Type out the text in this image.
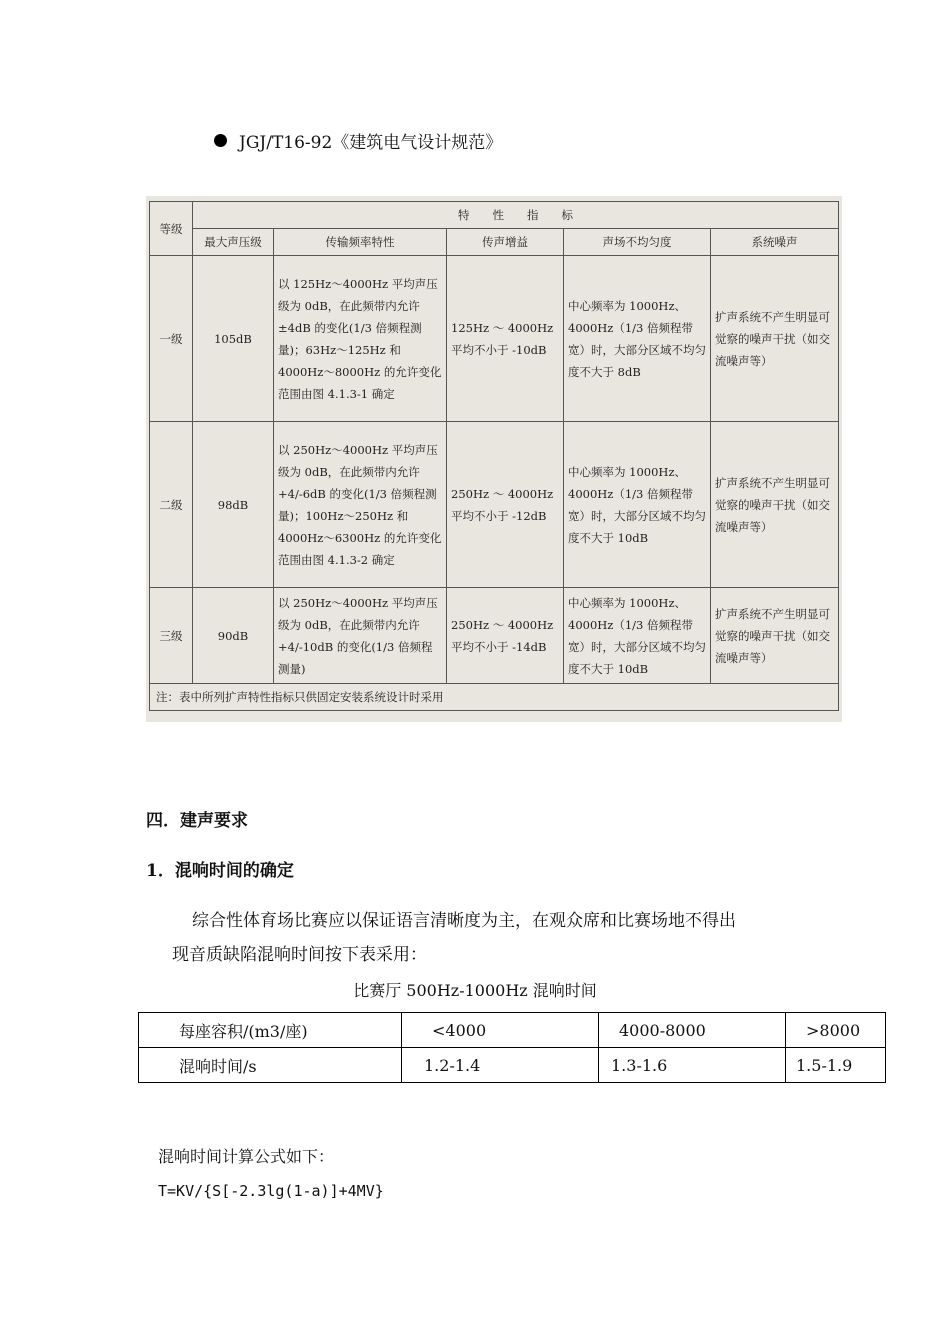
JGJ/T16-92《建筑电气设计规范》
等级	特　　性　　指　　标				
	最大声压级	传输频率特性	传声增益	声场不均匀度	系统噪声
一级	105dB	以 125Hz～4000Hz 平均声压级为 0dB，在此频带内允许 ±4dB 的变化(1/3 倍频程测量)；63Hz～125Hz 和 4000Hz～8000Hz 的允许变化范围由图 4.1.3-1 确定	125Hz ～ 4000Hz 平均不小于 -10dB	中心频率为 1000Hz、4000Hz（1/3 倍频程带宽）时，大部分区域不均匀度不大于 8dB	扩声系统不产生明显可觉察的噪声干扰（如交流噪声等）
二级	98dB	以 250Hz～4000Hz 平均声压级为 0dB，在此频带内允许 +4/-6dB 的变化(1/3 倍频程测量)；100Hz～250Hz 和 4000Hz～6300Hz 的允许变化范围由图 4.1.3-2 确定	250Hz ～ 4000Hz 平均不小于 -12dB	中心频率为 1000Hz、4000Hz（1/3 倍频程带宽）时，大部分区域不均匀度不大于 10dB	扩声系统不产生明显可觉察的噪声干扰（如交流噪声等）
三级	90dB	以 250Hz～4000Hz 平均声压级为 0dB，在此频带内允许 +4/-10dB 的变化(1/3 倍频程测量)	250Hz ～ 4000Hz 平均不小于 -14dB	中心频率为 1000Hz、4000Hz（1/3 倍频程带宽）时，大部分区域不均匀度不大于 10dB	扩声系统不产生明显可觉察的噪声干扰（如交流噪声等）
注：表中所列扩声特性指标只供固定安装系统设计时采用					
四．建声要求
1．混响时间的确定
综合性体育场比赛应以保证语言清晰度为主，在观众席和比赛场地不得出
现音质缺陷混响时间按下表采用：
比赛厅 500Hz-1000Hz 混响时间
每座容积/(m3/座)	<4000	4000-8000	>8000
混响时间/s	1.2-1.4	1.3-1.6	1.5-1.9
混响时间计算公式如下：
T=KV/{S[-2.3lg(1-a)]+4MV}
